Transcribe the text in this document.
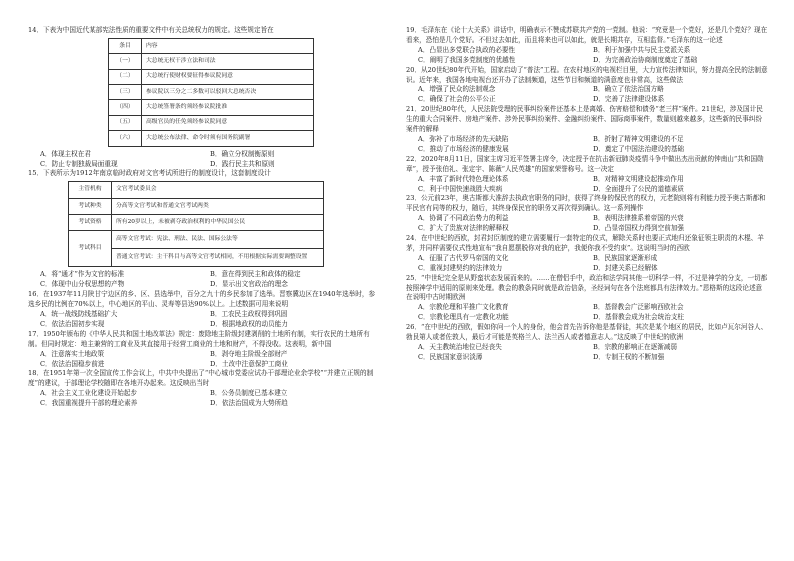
14．下表为中国近代某部宪法性质的重要文件中有关总统权力的规定。这些规定旨在

条目	内容
（一）	大总统无权干涉立法和司法
（二）	大总统行使财权要征得参议院同意
（三）	参议院以三分之二多数可以驳回大总统否决
（四）	大总统签署条约须经参议院批准
（五）	高级官员的任免须经参议院同意
（六）	大总统公布法律、命令时须有国务院副署
A．体现主权在君	B．确立分权制衡原则
C．防止专制独裁局面重现	D．践行民主共和原则

15．下表所示为1912年南京临时政府对文官考试所进行的制度设计，这套制度设计

主管机构	文官考试委员会
考试种类	分高等文官考试和普通文官考试两类
考试资格	所有20岁以上，未被剥夺政治权利的中华民国公民
考试科目	高等文官考试：宪法、刑法、民法、国际公法等
	普通文官考试：主干科目与高等文官考试相同，不用根据实际需要调整设置
A．将“通才”作为文官的标准	B．意在得到民主和政体的稳定
C．体现中山分权思想的产物	D．显示出文官政治的理念

16．在1937年11月陕甘宁边区的乡、区、县选举中，百分之九十的乡民参加了选举。晋察冀边区在1940年选举时，参选乡民的比例在70%以上，中心地区的平山、灵寿等县达90%以上。上述数据可用来说明

A．统一战线防线基础扩大	B．工农民主政权得到巩固
C．依法治国初步实现	D．根据地政权的动员能力

17．1950年颁布的《中华人民共和国土地改革法》规定：废除地主阶级封建剥削的土地所有制，实行农民的土地所有制。但同时规定：地主兼营的工商业及其直接用于经营工商业的土地和财产，不得没收。这表明，新中国

A．注意落实土地政策	B．剥夺地主阶级全部财产
C．依法治国稳步前进	D．土改中注意保护工商业

18．在1951年第一次全国宣传工作会议上，中共中央提出了“中心城市党委应试办干部理论业余学校”“并建立正规的制度”的建议，于部理论学校随即在各地开办起来。这反映出当时

A．社会主义工业化建设开始起步	B．公务员制度已基本建立
C．我国重视提升干部的理论素养	D．依法治国成为大势所趋

19．毛泽东在《论十大关系》讲话中，明确表示不赞成苏联共产党的一党制。他说：“究竟是一个党好，还是几个党好？现在看来，恐怕是几个党好。不但过去如此，而且将来也可以如此，就是长期共存，互相监督。”毛泽东的这一论述

A．凸显出多党联合执政的必要性	B．利于加强中共与民主党派关系
C．阐明了我国多党制度的优越性	D．为完善政治协商制度奠定了基础

20．从20世纪80年代开始，国家启动了“普法”工程。在农村地区的电视栏目里，大力宣传法律知识，努力提高全民的法制意识。近年来，我国各地电视台还开办了法制频道，这些节目和频道的满意度也非常高，这些做法

A．增强了民众的法制观念	B．确立了依法治国方略
C．确保了社会的公平公正	D．完善了法律建设体系

21．20世纪80年代，人民法院受理的民事纠纷案件还基本上是离婚、伤害赔偿和债务“老三样”案件。21世纪，涉及国计民生的重大合同案件、房地产案件、涉外民事纠纷案件、金融纠纷案件、国际商事案件，数量则越来越多，这些新的民事纠纷案件的解释

A．弥补了市场经济的先天缺陷	B．折射了精神文明建设的不足
C．推动了市场经济的健康发展	D．奠定了中国法治建设的基础

22．2020年8月11日，国家主席习近平签署主席令，决定授予在抗击新冠肺炎疫情斗争中做出杰出贡献的钟南山“共和国勋章”，授予张伯礼、张定宇、陈薇“人民英雄”的国家荣誉称号。这一决定

A．丰富了新时代特色理论体系	B．对精神文明建设起推动作用
C．利于中国快速战胜大疾病	D．全面提升了公民的道德素质

23．公元前23年，奥古斯都大准辞去执政官职务的同时，获得了终身的保民官的权力，元老院则将有利能力授予奥古斯都和平民官有同等的权力，随后，其终身保民官的职务又再次得到确认。这一系列操作

A．协调了不同政治势力的利益	B．表明法律推系着帝国的兴衰
C．扩大了贵族对法律的解释权	D．凸显帝国权力得到空前加强

24．在中世纪的西欧，封君封臣制度的建立需要履行一套特定的仪式，解除关系时也要正式地归还象征领主职责的木棍、羊茅，并同样需要仪式性地宣布“我自愿摆脱你对我的庇护，我便你我不受约束”。这说明当时的西欧

A．征服了古代罗马帝国的文化	B．民族国家逐渐形成
C．重视封建契约的法律效力	D．封建关系已经解体

25．“中世纪完全是从野蛮状态发展而来的。……在僧侣手中，政治和法学同其他一切科学一样，不过是神学的分支，一切都按照神学中适用的原则来处理。教会的教条同时就是政治信条，圣经词句在各个法庭都具有法律效力。”恩格斯的这段论述意在说明中古时期欧洲

A．宗教伦理和平推广文化教育	B．基督教会广泛影响西欧社会
C．宗教伦理具有一定教化功能	D．基督教会成为社会统治支柱

26．“在中世纪的西欧，假如你问一个人的身份，他会首先告诉你他是基督徒，其次是某个地区的居民，比如卢瓦尔河谷人、勃艮第人或者佐敦人，最后才可能是英格兰人、法兰西人或者德意志人。”这反映了中世纪的欧洲

A．天主教统治地位已经丧失	B．宗教的影响正在逐渐减弱
C．民族国家意识淡薄	D．专制王权的不断加强
